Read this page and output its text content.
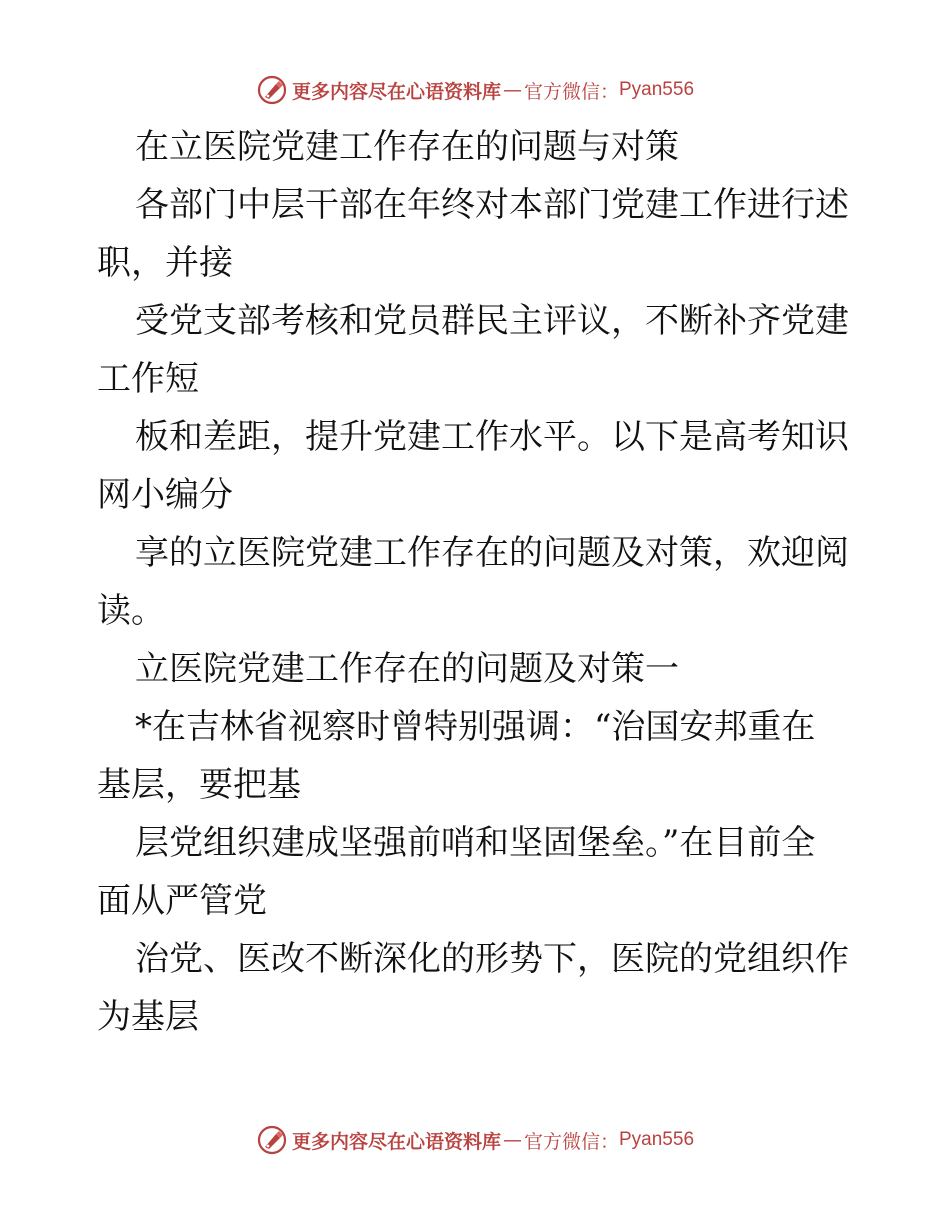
更多内容尽在心语资料库 — 官方微信： Pyan556
在立医院党建工作存在的问题与对策
各部门中层干部在年终对本部门党建工作进行述
职，并接
受党支部考核和党员群民主评议，不断补齐党建
工作短
板和差距，提升党建工作水平。以下是高考知识
网小编分
享的立医院党建工作存在的问题及对策，欢迎阅
读。
立医院党建工作存在的问题及对策一
*在吉林省视察时曾特别强调：“治国安邦重在
基层，要把基
层党组织建成坚强前哨和坚固堡垒。”在目前全
面从严管党
治党、医改不断深化的形势下，医院的党组织作
为基层
更多内容尽在心语资料库 — 官方微信： Pyan556
